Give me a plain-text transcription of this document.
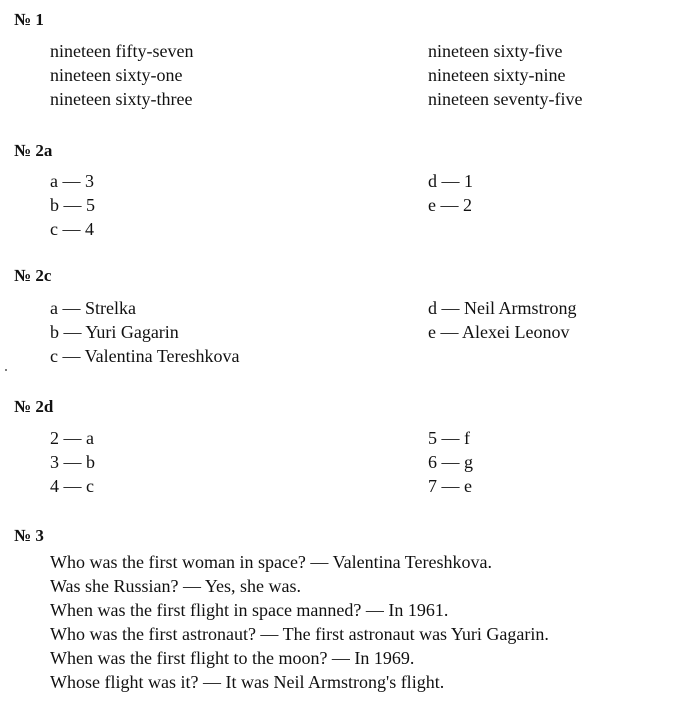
№ 1

nineteen fifty-seven

nineteen sixty-one

nineteen sixty-three

nineteen sixty-five

nineteen sixty-nine

nineteen seventy-five

№ 2a

a — 3

b — 5

c — 4

d — 1

e — 2

№ 2c

a — Strelka

b — Yuri Gagarin

c — Valentina Tereshkova

d — Neil Armstrong

e — Alexei Leonov

№ 2d

2 — a

3 — b

4 — c

5 — f

6 — g

7 — e

№ 3

Who was the first woman in space? — Valentina Tereshkova.

Was she Russian? — Yes, she was.

When was the first flight in space manned? — In 1961.

Who was the first astronaut? — The first astronaut was Yuri Gagarin.

When was the first flight to the moon? — In 1969.

Whose flight was it? — It was Neil Armstrong's flight.
